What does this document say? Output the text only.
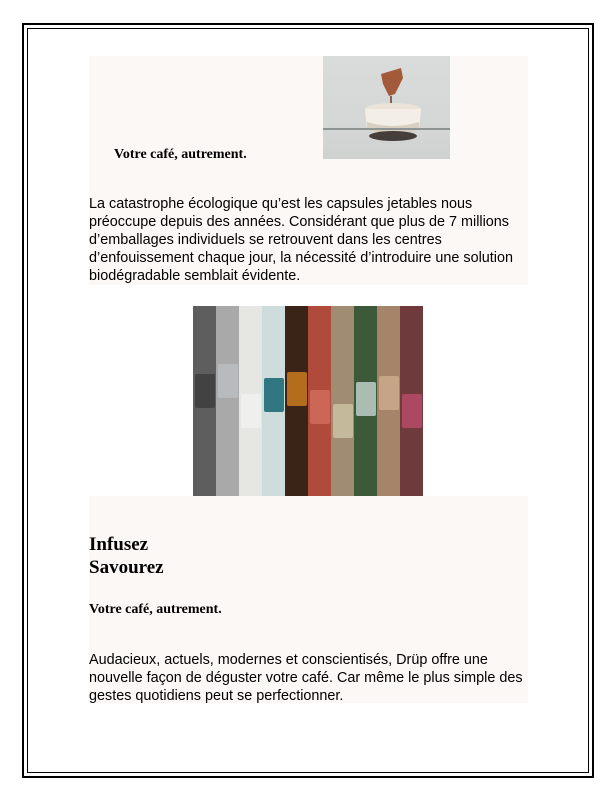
Votre café, autrement.
La catastrophe écologique qu’est les capsules jetables nous préoccupe depuis des années. Considérant que plus de 7 millions d’emballages individuels se retrouvent dans les centres d’enfouissement chaque jour, la nécessité d’introduire une solution biodégradable semblait évidente.
Infusez
Savourez
Votre café, autrement.
Audacieux, actuels, modernes et conscientisés, Drüp offre une nouvelle façon de déguster votre café. Car même le plus simple des gestes quotidiens peut se perfectionner.
